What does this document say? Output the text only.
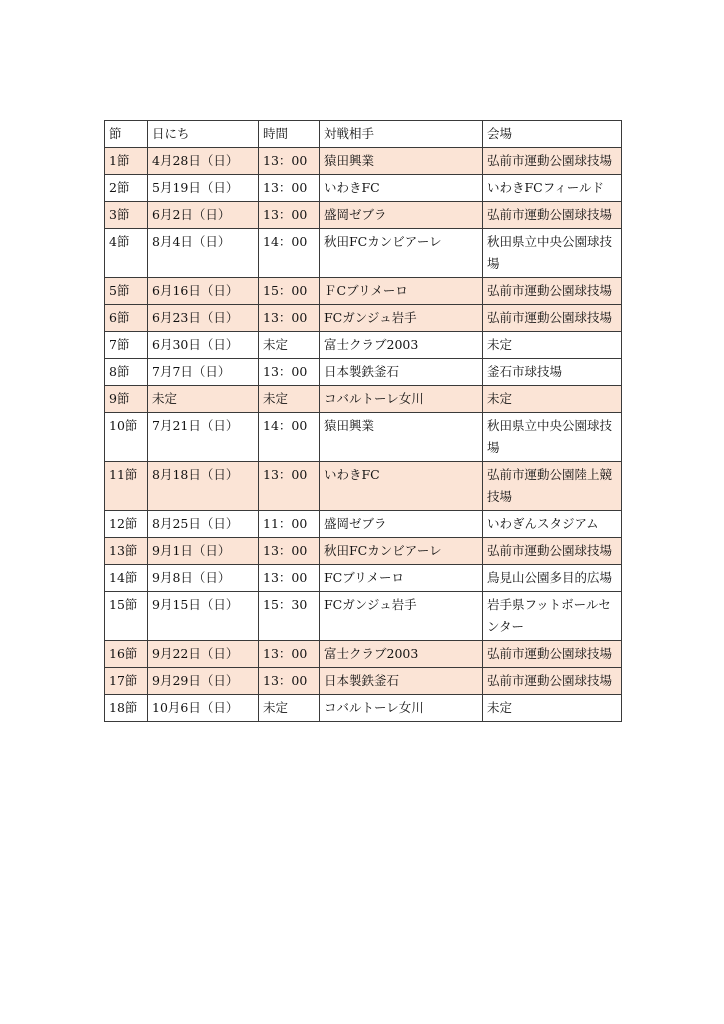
節	日にち	時間	対戦相手	会場
1節	4月28日（日）	13：00	猿田興業	弘前市運動公園球技場
2節	5月19日（日）	13：00	いわきFC	いわきFCフィールド
3節	6月2日（日）	13：00	盛岡ゼブラ	弘前市運動公園球技場
4節	8月4日（日）	14：00	秋田FCカンビアーレ	秋田県立中央公園球技場
5節	6月16日（日）	15：00	ＦCブリメーロ	弘前市運動公園球技場
6節	6月23日（日）	13：00	FCガンジュ岩手	弘前市運動公園球技場
7節	6月30日（日）	未定	富士クラブ2003	未定
8節	7月7日（日）	13：00	日本製鉄釜石	釜石市球技場
9節	未定	未定	コバルトーレ女川	未定
10節	7月21日（日）	14：00	猿田興業	秋田県立中央公園球技場
11節	8月18日（日）	13：00	いわきFC	弘前市運動公園陸上競技場
12節	8月25日（日）	11：00	盛岡ゼブラ	いわぎんスタジアム
13節	9月1日（日）	13：00	秋田FCカンビアーレ	弘前市運動公園球技場
14節	9月8日（日）	13：00	FCブリメーロ	鳥見山公園多目的広場
15節	9月15日（日）	15：30	FCガンジュ岩手	岩手県フットボールセンター
16節	9月22日（日）	13：00	富士クラブ2003	弘前市運動公園球技場
17節	9月29日（日）	13：00	日本製鉄釜石	弘前市運動公園球技場
18節	10月6日（日）	未定	コバルトーレ女川	未定
